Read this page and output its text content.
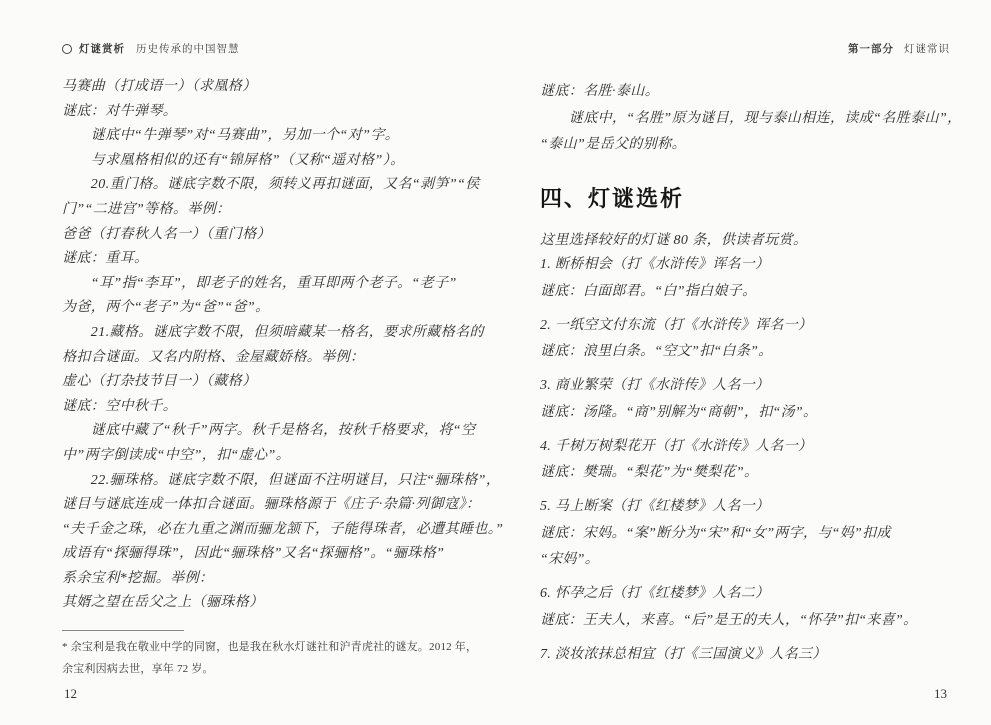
灯谜赏析 历史传承的中国智慧	第一部分 灯谜常识
马赛曲（打成语一）（求凰格）
谜底：对牛弹琴。
　　谜底中“牛弹琴”对“马赛曲”，另加一个“对”字。
　　与求凰格相似的还有“锦屏格”（又称“遥对格”）。
　　20.重门格。谜底字数不限，须转义再扣谜面，又名“剥笋”“侯
门”“二进宫”等格。举例：
爸爸（打春秋人名一）（重门格）
谜底：重耳。
　　“耳”指“李耳”，即老子的姓名，重耳即两个老子。“老子”
为爸，两个“老子”为“爸”“爸”。
　　21.藏格。谜底字数不限，但须暗藏某一格名，要求所藏格名的
格扣合谜面。又名内附格、金屋藏娇格。举例：
虚心（打杂技节目一）（藏格）
谜底：空中秋千。
　　谜底中藏了“秋千”两字。秋千是格名，按秋千格要求，将“空
中”两字倒读成“中空”，扣“虚心”。
　　22.骊珠格。谜底字数不限，但谜面不注明谜目，只注“骊珠格”，
谜目与谜底连成一体扣合谜面。骊珠格源于《庄子·杂篇·列御寇》：
“夫千金之珠，必在九重之渊而骊龙颔下，子能得珠者，必遭其睡也。”
成语有“探骊得珠”，因此“骊珠格”又名“探骊格”。“骊珠格”
系余宝利*挖掘。举例：
其婿之望在岳父之上（骊珠格）
* 余宝利是我在敬业中学的同窗，也是我在秋水灯谜社和沪青虎社的谜友。2012 年，
余宝利因病去世，享年 72 岁。
谜底：名胜·泰山。
　　谜底中，“名胜”原为谜目，现与泰山相连，读成“名胜泰山”，
“泰山”是岳父的别称。
四、灯谜选析
这里选择较好的灯谜 80 条，供读者玩赏。
1. 断桥相会（打《水浒传》诨名一）
谜底：白面郎君。“白”指白娘子。
2. 一纸空文付东流（打《水浒传》诨名一）
谜底：浪里白条。“空文”扣“白条”。
3. 商业繁荣（打《水浒传》人名一）
谜底：汤隆。“商”别解为“商朝”，扣“汤”。
4. 千树万树梨花开（打《水浒传》人名一）
谜底：樊瑞。“梨花”为“樊梨花”。
5. 马上断案（打《红楼梦》人名一）
谜底：宋妈。“案”断分为“宋”和“女”两字，与“妈”扣成
“宋妈”。
6. 怀孕之后（打《红楼梦》人名二）
谜底：王夫人，来喜。“后”是王的夫人，“怀孕”扣“来喜”。
7. 淡妆浓抹总相宜（打《三国演义》人名三）
12	13
